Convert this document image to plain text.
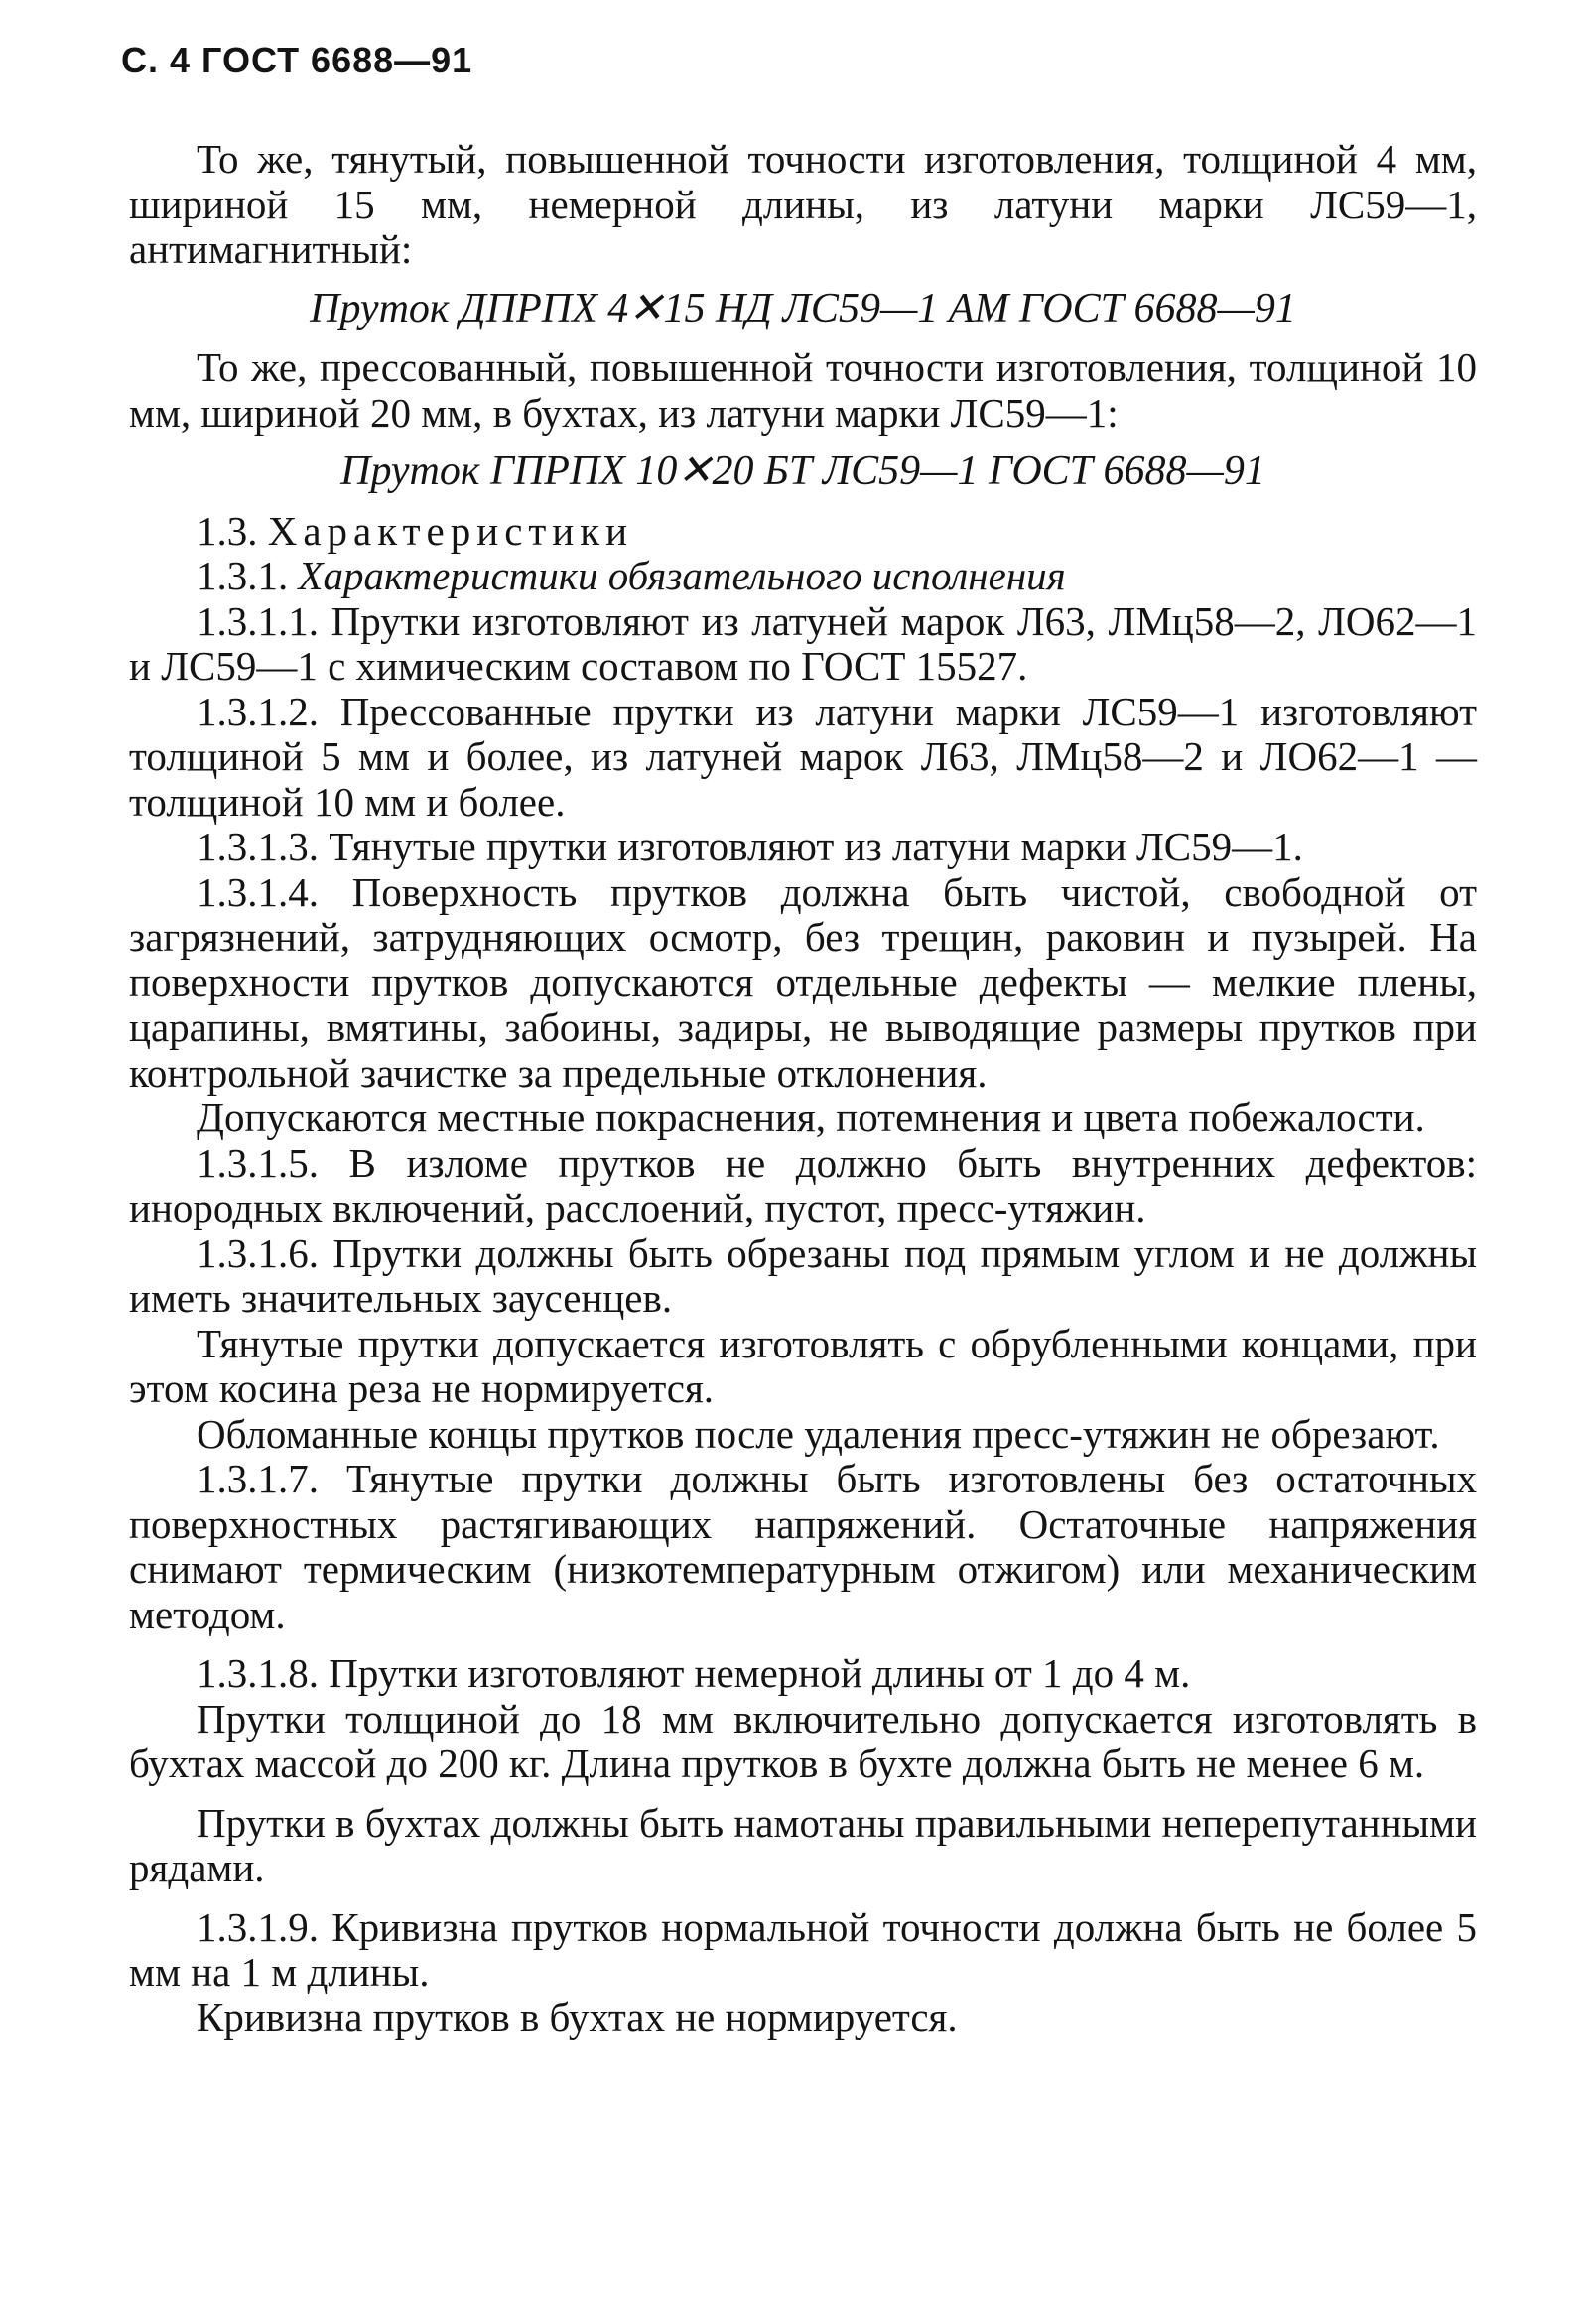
С. 4 ГОСТ 6688—91

То же, тянутый, повышенной точности изготовления, толщиной 4 мм, шириной 15 мм, немерной длины, из латуни марки ЛС59—1, антимагнитный:

Пруток ДПРПХ 4✕15 НД ЛС59—1 АМ ГОСТ 6688—91

То же, прессованный, повышенной точности изготовления, толщиной 10 мм, шириной 20 мм, в бухтах, из латуни марки ЛС59—1:

Пруток ГПРПХ 10✕20 БТ ЛС59—1 ГОСТ 6688—91

1.3. Характеристики

1.3.1. Характеристики обязательного исполнения

1.3.1.1. Прутки изготовляют из латуней марок Л63, ЛМц58—2, ЛО62—1 и ЛС59—1 с химическим составом по ГОСТ 15527.

1.3.1.2. Прессованные прутки из латуни марки ЛС59—1 изготовляют толщиной 5 мм и более, из латуней марок Л63, ЛМц58—2 и ЛО62—1 — толщиной 10 мм и более.

1.3.1.3. Тянутые прутки изготовляют из латуни марки ЛС59—1.

1.3.1.4. Поверхность прутков должна быть чистой, свободной от загрязнений, затрудняющих осмотр, без трещин, раковин и пузырей. На поверхности прутков допускаются отдельные дефекты — мелкие плены, царапины, вмятины, забоины, задиры, не выводящие размеры прутков при контрольной зачистке за предельные отклонения.

Допускаются местные покраснения, потемнения и цвета побежалости.

1.3.1.5. В изломе прутков не должно быть внутренних дефектов: инородных включений, расслоений, пустот, пресс-утяжин.

1.3.1.6. Прутки должны быть обрезаны под прямым углом и не должны иметь значительных заусенцев.

Тянутые прутки допускается изготовлять с обрубленными концами, при этом косина реза не нормируется.

Обломанные концы прутков после удаления пресс-утяжин не обрезают.

1.3.1.7. Тянутые прутки должны быть изготовлены без остаточных поверхностных растягивающих напряжений. Остаточные напряжения снимают термическим (низкотемпературным отжигом) или механическим методом.

1.3.1.8. Прутки изготовляют немерной длины от 1 до 4 м.

Прутки толщиной до 18 мм включительно допускается изготовлять в бухтах массой до 200 кг. Длина прутков в бухте должна быть не менее 6 м.

Прутки в бухтах должны быть намотаны правильными неперепутанными рядами.

1.3.1.9. Кривизна прутков нормальной точности должна быть не более 5 мм на 1 м длины.

Кривизна прутков в бухтах не нормируется.
